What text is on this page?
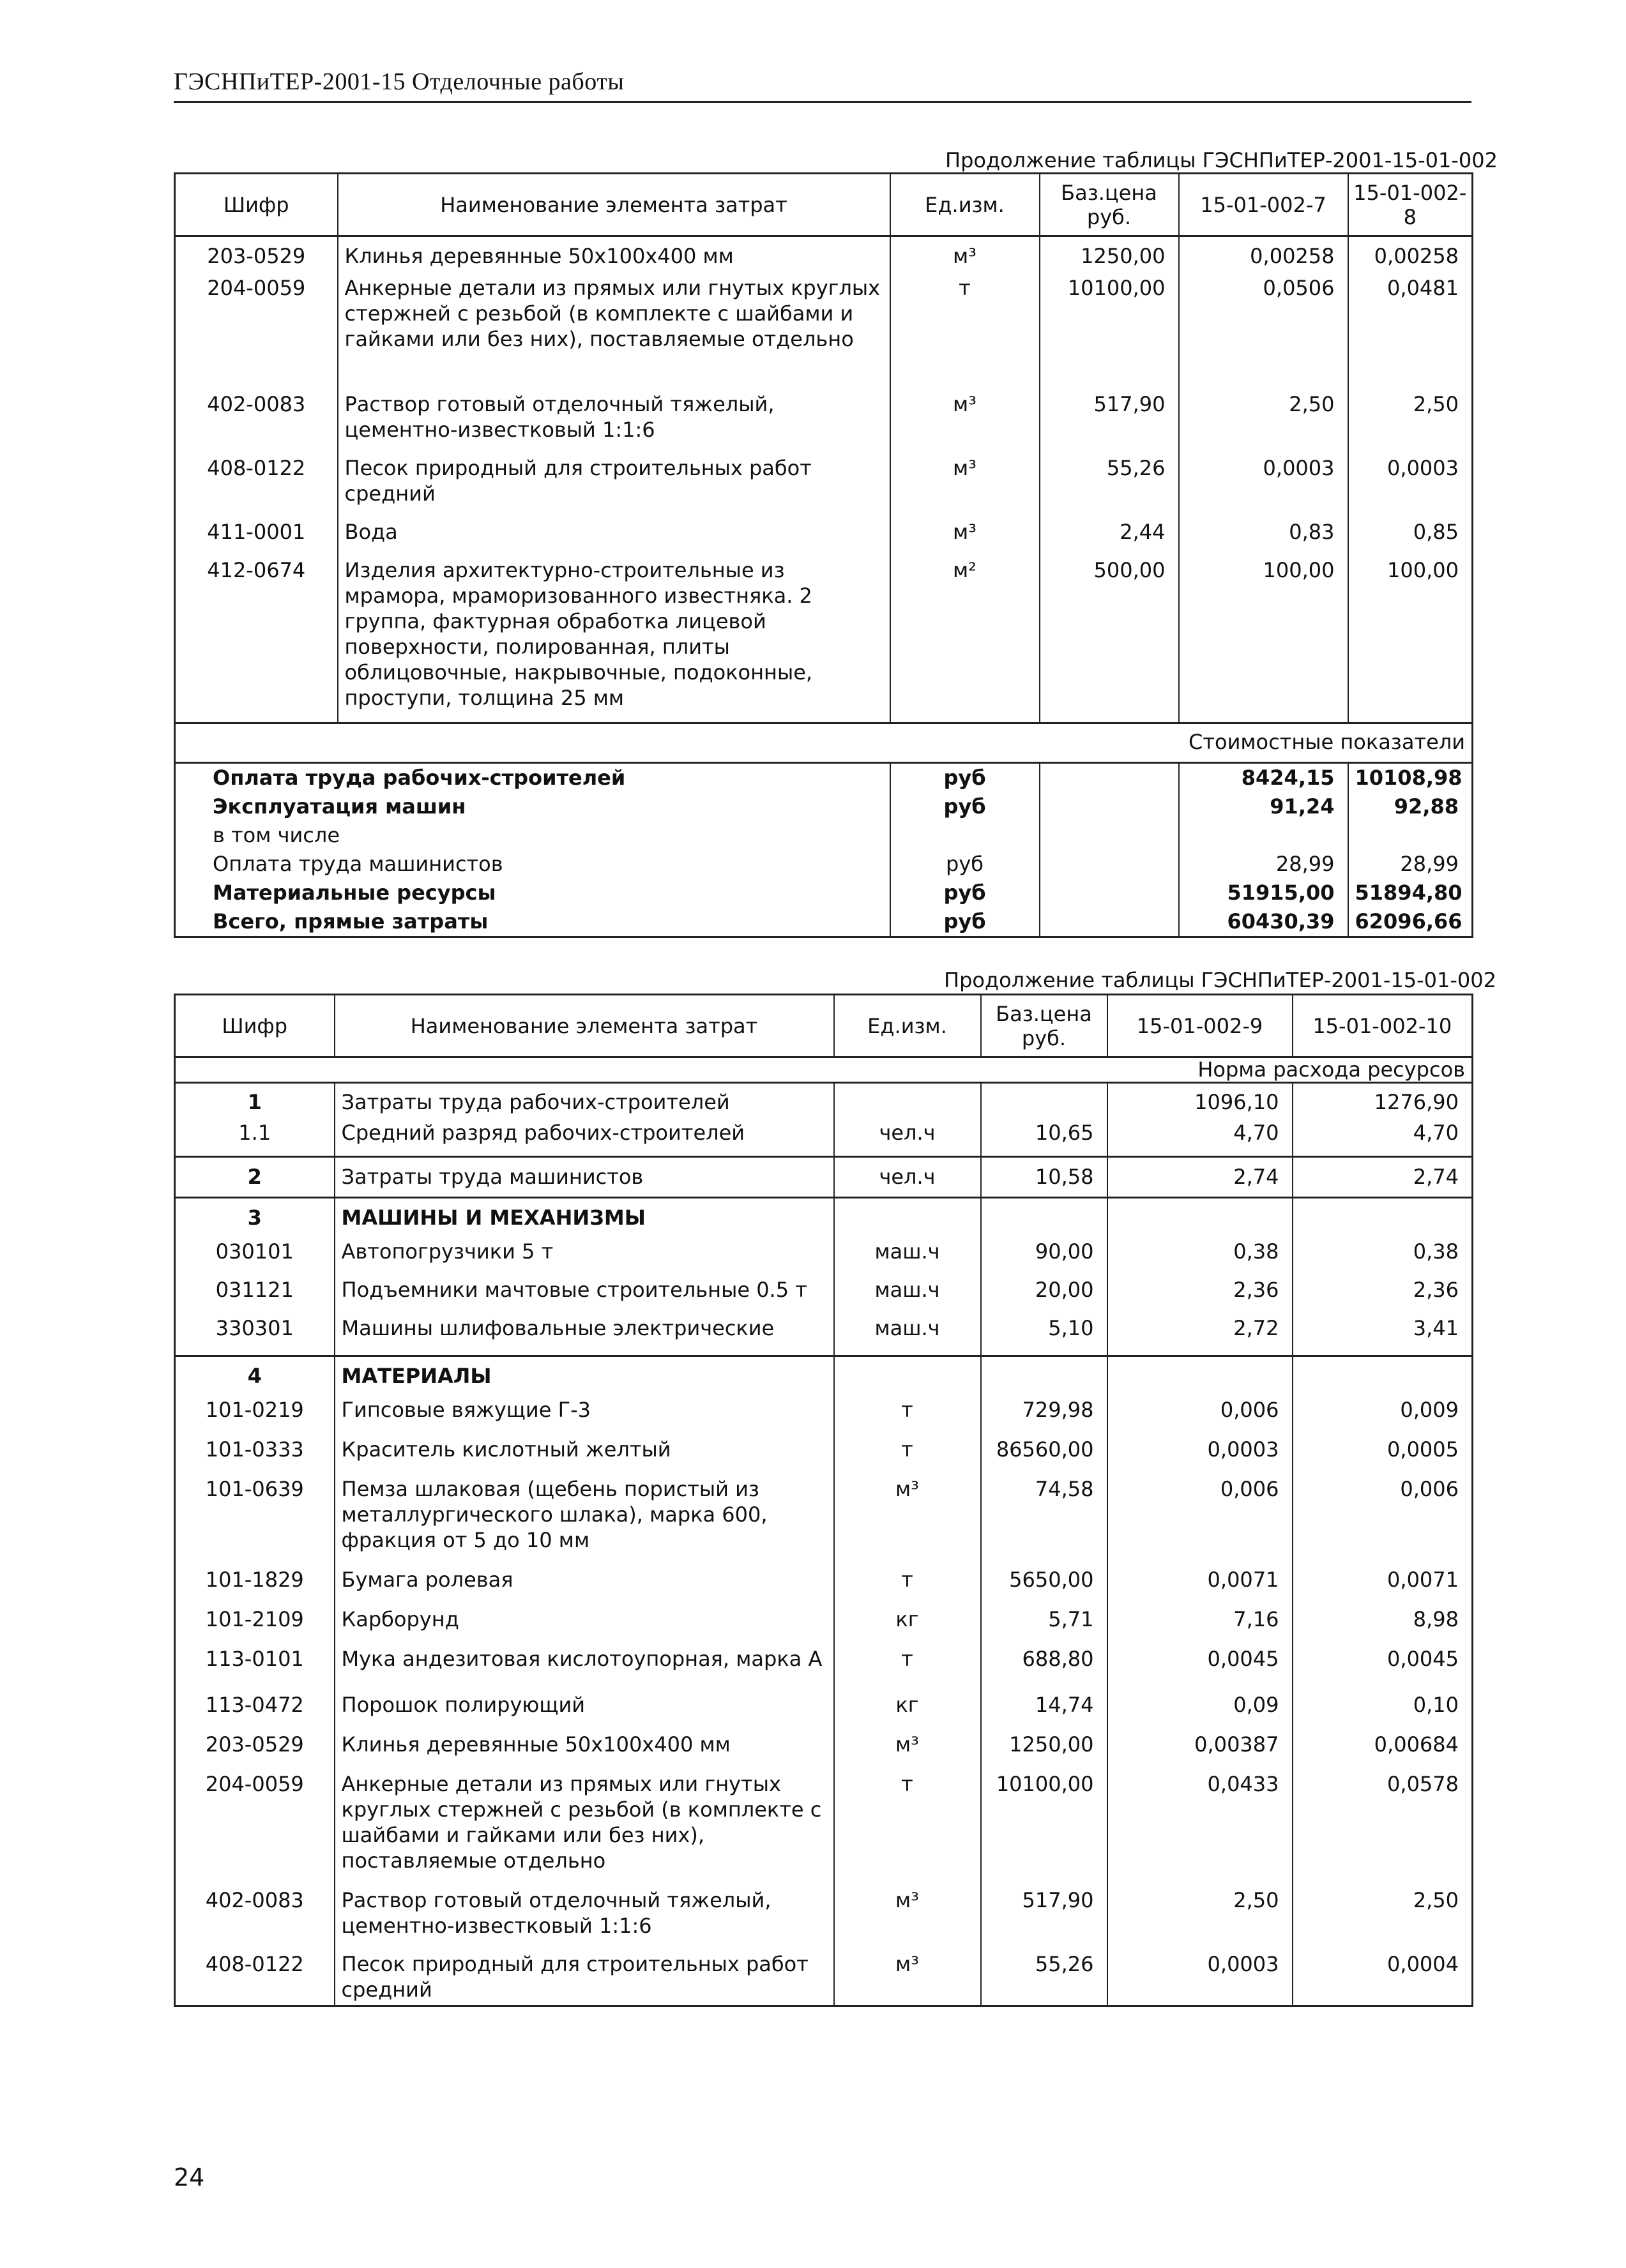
ГЭСНПиТЕР-2001-15 Отделочные работы
Продолжение таблицы ГЭСНПиТЕР-2001-15-01-002
Шифр	Наименование элемента затрат	Ед.изм.	Баз.цена руб.	15-01-002-7	15-01-002-8
203-0529	Клинья деревянные 50х100х400 мм	м³	1250,00	0,00258	0,00258
204-0059	Анкерные детали из прямых или гнутых круглых стержней с резьбой (в комплекте с шайбами и гайками или без них), поставляемые отдельно	т	10100,00	0,0506	0,0481
402-0083	Раствор готовый отделочный тяжелый, цементно-известковый 1:1:6	м³	517,90	2,50	2,50
408-0122	Песок природный для строительных работ средний	м³	55,26	0,0003	0,0003
411-0001	Вода	м³	2,44	0,83	0,85
412-0674	Изделия архитектурно-строительные из мрамора, мраморизованного известняка. 2 группа, фактурная обработка лицевой поверхности, полированная, плиты облицовочные, накрывочные, подоконные, проступи, толщина 25 мм	м²	500,00	100,00	100,00
Стоимостные показатели					
Оплата труда рабочих-строителей		руб		8424,15	10108,98
Эксплуатация машин		руб		91,24	92,88
в том числе					
Оплата труда машинистов		руб		28,99	28,99
Материальные ресурсы		руб		51915,00	51894,80
Всего, прямые затраты		руб		60430,39	62096,66
Продолжение таблицы ГЭСНПиТЕР-2001-15-01-002
Шифр	Наименование элемента затрат	Ед.изм.	Баз.цена руб.	15-01-002-9	15-01-002-10
Норма расхода ресурсов					
1	Затраты труда рабочих-строителей			1096,10	1276,90
1.1	Средний разряд рабочих-строителей	чел.ч	10,65	4,70	4,70
2	Затраты труда машинистов	чел.ч	10,58	2,74	2,74
3	МАШИНЫ И МЕХАНИЗМЫ				
030101	Автопогрузчики 5 т	маш.ч	90,00	0,38	0,38
031121	Подъемники мачтовые строительные 0.5 т	маш.ч	20,00	2,36	2,36
330301	Машины шлифовальные электрические	маш.ч	5,10	2,72	3,41
4	МАТЕРИАЛЫ				
101-0219	Гипсовые вяжущие Г-3	т	729,98	0,006	0,009
101-0333	Краситель кислотный желтый	т	86560,00	0,0003	0,0005
101-0639	Пемза шлаковая (щебень пористый из металлургического шлака), марка 600, фракция от 5 до 10 мм	м³	74,58	0,006	0,006
101-1829	Бумага ролевая	т	5650,00	0,0071	0,0071
101-2109	Карборунд	кг	5,71	7,16	8,98
113-0101	Мука андезитовая кислотоупорная, марка А	т	688,80	0,0045	0,0045
113-0472	Порошок полирующий	кг	14,74	0,09	0,10
203-0529	Клинья деревянные 50х100х400 мм	м³	1250,00	0,00387	0,00684
204-0059	Анкерные детали из прямых или гнутых круглых стержней с резьбой (в комплекте с шайбами и гайками или без них), поставляемые отдельно	т	10100,00	0,0433	0,0578
402-0083	Раствор готовый отделочный тяжелый, цементно-известковый 1:1:6	м³	517,90	2,50	2,50
408-0122	Песок природный для строительных работ средний	м³	55,26	0,0003	0,0004
24
